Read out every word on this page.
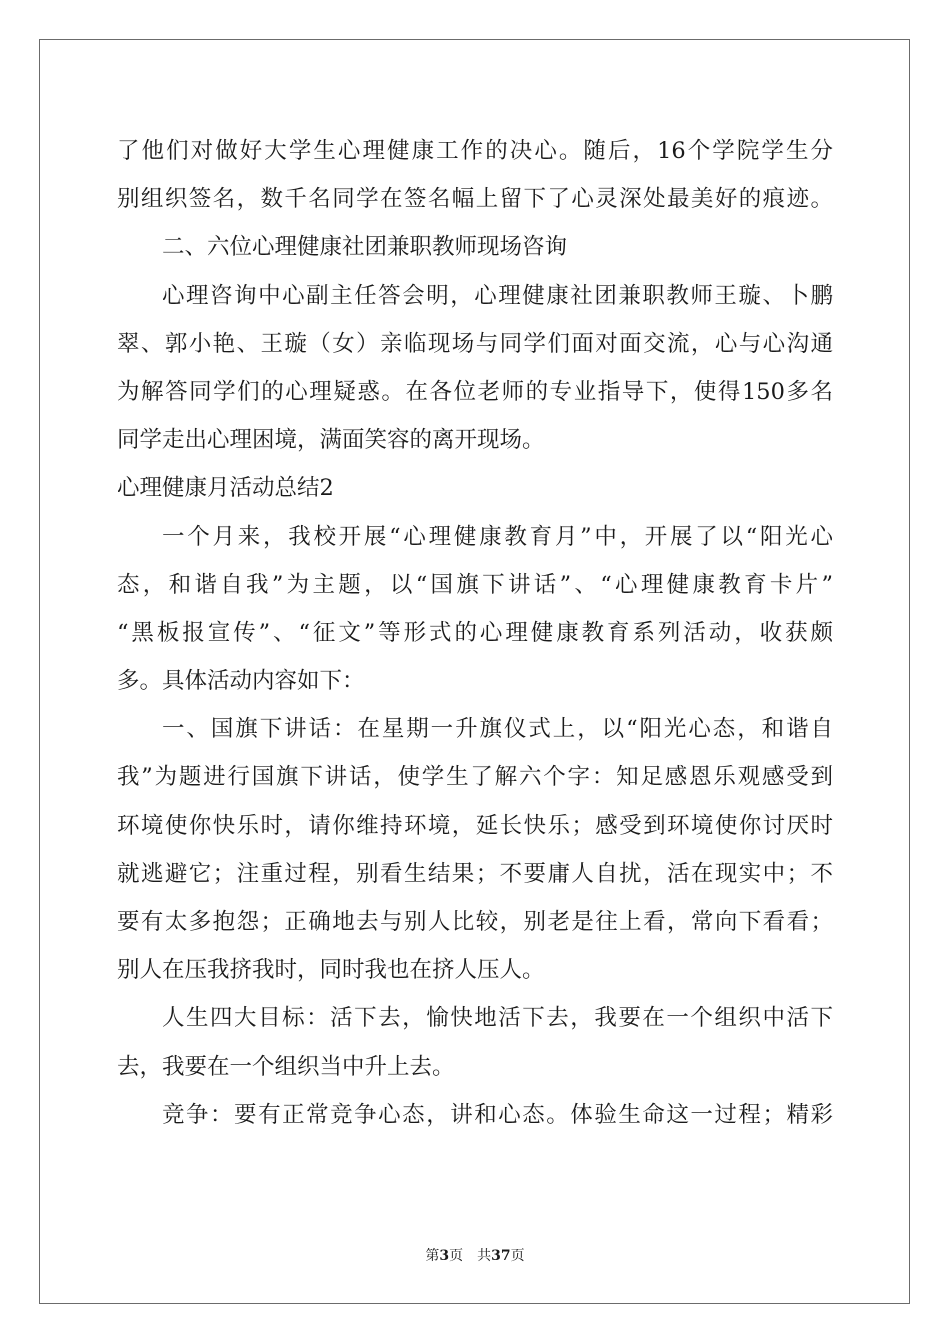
了他们对做好大学生心理健康工作的决心。随后，16个学院学生分
别组织签名，数千名同学在签名幅上留下了心灵深处最美好的痕迹。
二、六位心理健康社团兼职教师现场咨询
心理咨询中心副主任答会明，心理健康社团兼职教师王璇、卜鹏
翠、郭小艳、王璇（女）亲临现场与同学们面对面交流，心与心沟通
为解答同学们的心理疑惑。在各位老师的专业指导下，使得150多名
同学走出心理困境，满面笑容的离开现场。
心理健康月活动总结2
一个月来，我校开展“心理健康教育月”中，开展了以“阳光心
态，和谐自我”为主题，以“国旗下讲话”、“心理健康教育卡片”
“黑板报宣传”、“征文”等形式的心理健康教育系列活动，收获颇
多。具体活动内容如下：
一、国旗下讲话：在星期一升旗仪式上，以“阳光心态，和谐自
我”为题进行国旗下讲话，使学生了解六个字：知足感恩乐观感受到
环境使你快乐时，请你维持环境，延长快乐；感受到环境使你讨厌时
就逃避它；注重过程，别看生结果；不要庸人自扰，活在现实中；不
要有太多抱怨；正确地去与别人比较，别老是往上看，常向下看看；
别人在压我挤我时，同时我也在挤人压人。
人生四大目标：活下去，愉快地活下去，我要在一个组织中活下
去，我要在一个组织当中升上去。
竞争：要有正常竞争心态，讲和心态。体验生命这一过程；精彩
第3页 共37页
